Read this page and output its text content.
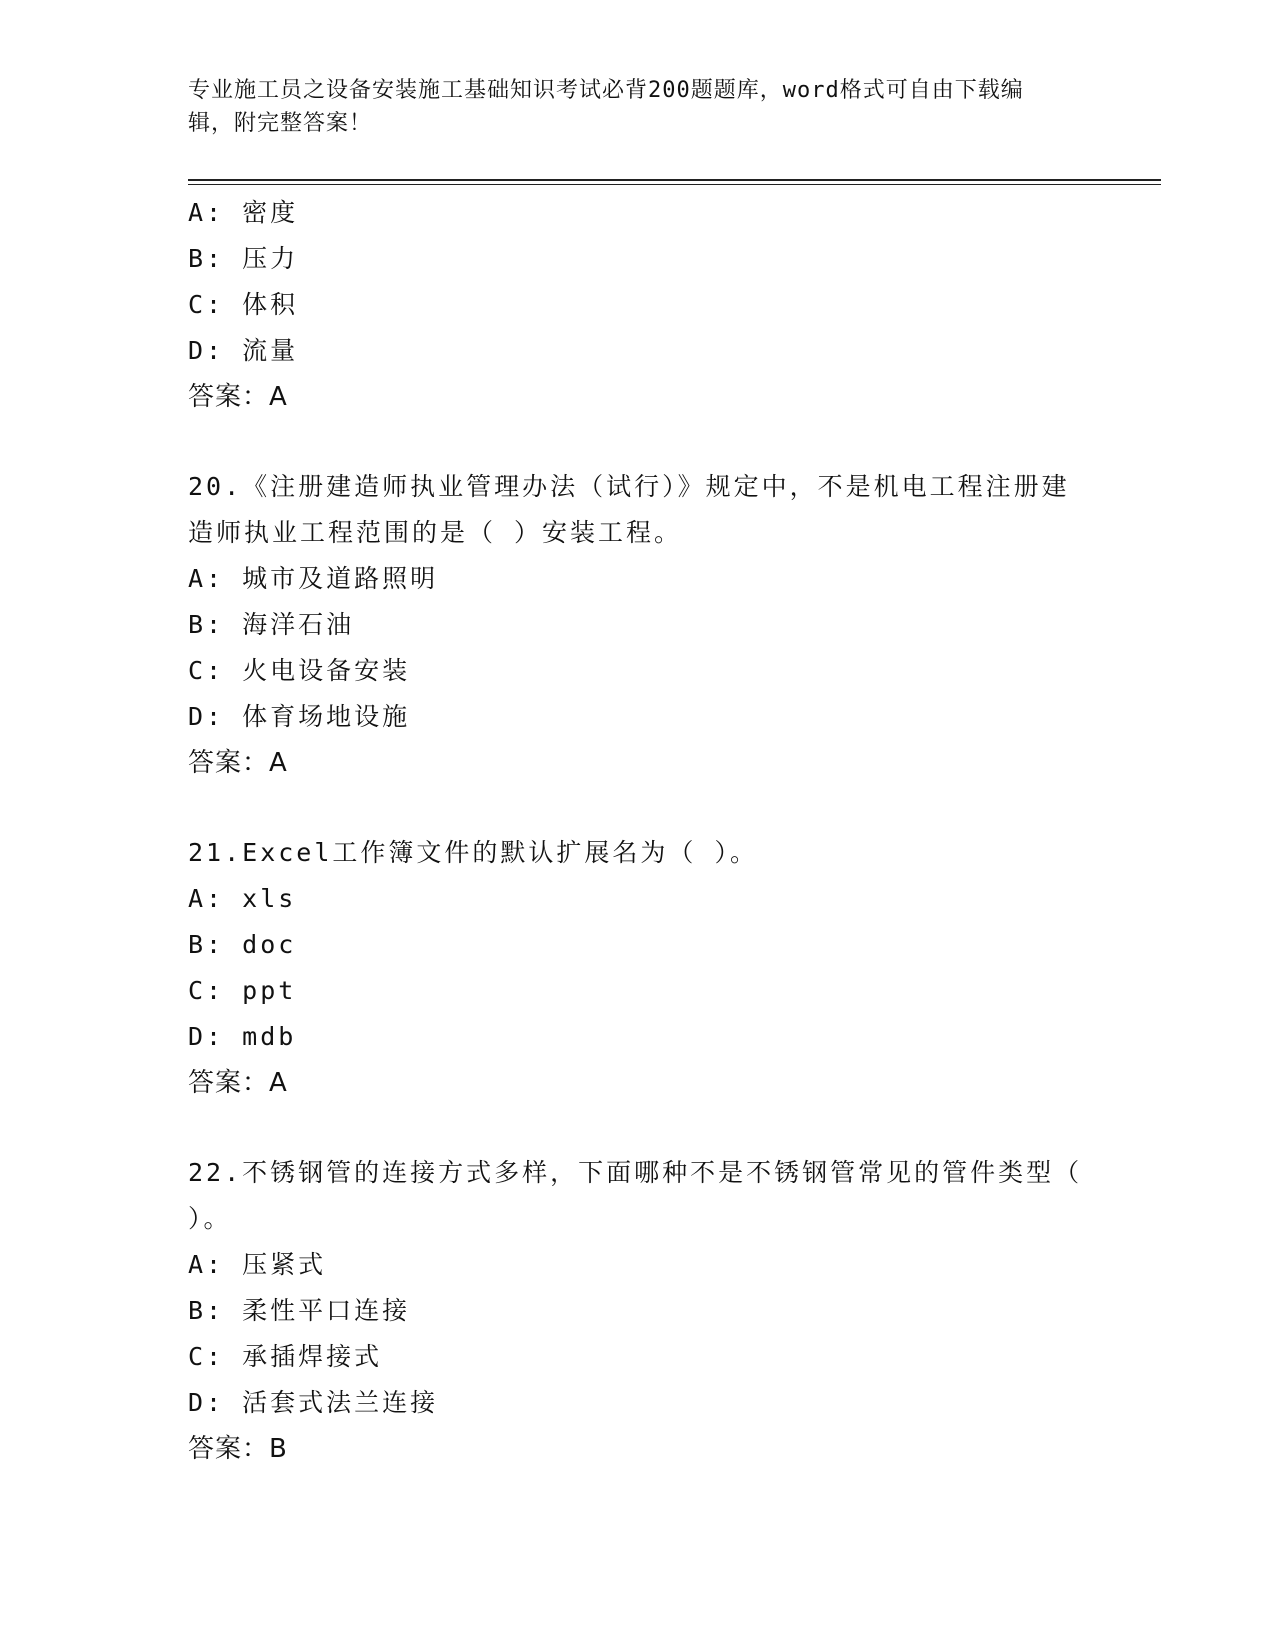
专业施工员之设备安装施工基础知识考试必背200题题库，word格式可自由下载编辑，附完整答案！
A: 密度
B: 压力
C: 体积
D: 流量
答案：A
20.《注册建造师执业管理办法（试行）》规定中，不是机电工程注册建造师执业工程范围的是（ ）安装工程。
A: 城市及道路照明
B: 海洋石油
C: 火电设备安装
D: 体育场地设施
答案：A
21.Excel工作簿文件的默认扩展名为（ ）。
A: xls
B: doc
C: ppt
D: mdb
答案：A
22.不锈钢管的连接方式多样，下面哪种不是不锈钢管常见的管件类型（ ）。
A: 压紧式
B: 柔性平口连接
C: 承插焊接式
D: 活套式法兰连接
答案：B
